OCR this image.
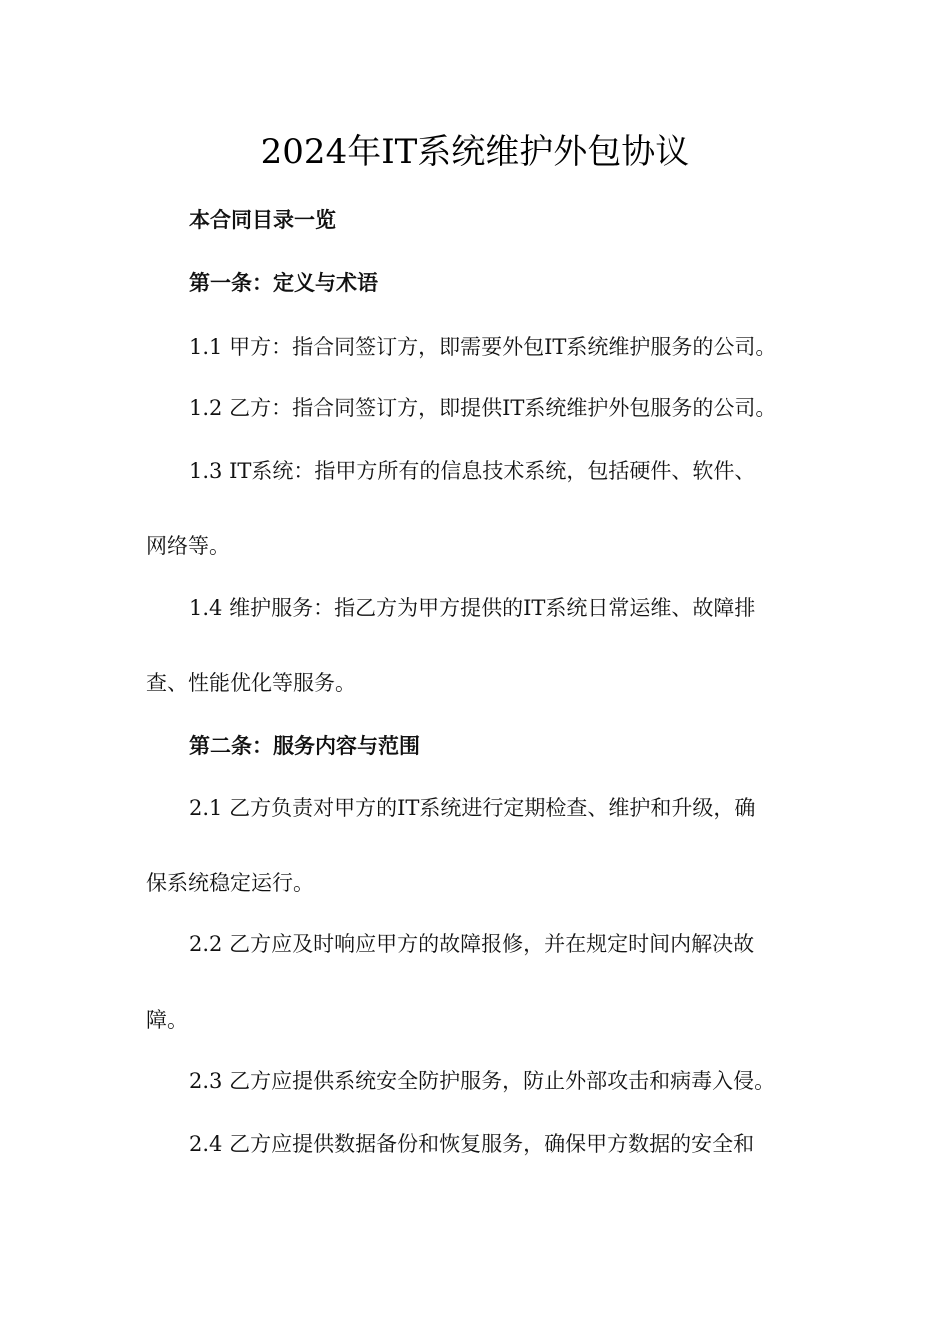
2024年IT系统维护外包协议

本合同目录一览

第一条：定义与术语

1.1 甲方：指合同签订方，即需要外包IT系统维护服务的公司。

1.2 乙方：指合同签订方，即提供IT系统维护外包服务的公司。

1.3 IT系统：指甲方所有的信息技术系统，包括硬件、软件、

网络等。

1.4 维护服务：指乙方为甲方提供的IT系统日常运维、故障排

查、性能优化等服务。

第二条：服务内容与范围

2.1 乙方负责对甲方的IT系统进行定期检查、维护和升级，确

保系统稳定运行。

2.2 乙方应及时响应甲方的故障报修，并在规定时间内解决故

障。

2.3 乙方应提供系统安全防护服务，防止外部攻击和病毒入侵。

2.4 乙方应提供数据备份和恢复服务，确保甲方数据的安全和
